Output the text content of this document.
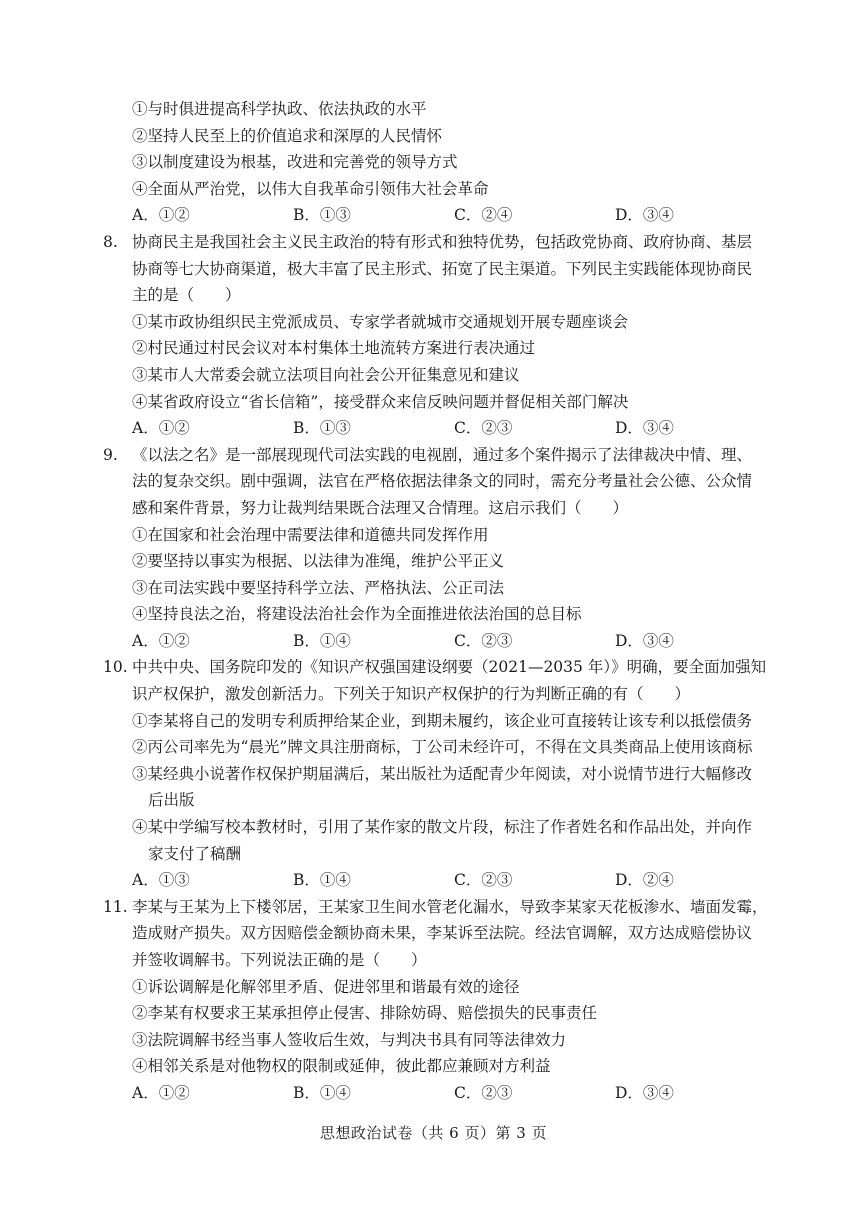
①与时俱进提高科学执政、依法执政的水平
②坚持人民至上的价值追求和深厚的人民情怀
③以制度建设为根基，改进和完善党的领导方式
④全面从严治党，以伟大自我革命引领伟大社会革命
A．①②	B．①③	C．②④	D．③④
8. 协商民主是我国社会主义民主政治的特有形式和独特优势，包括政党协商、政府协商、基层
协商等七大协商渠道，极大丰富了民主形式、拓宽了民主渠道。下列民主实践能体现协商民
主的是（　　）
①某市政协组织民主党派成员、专家学者就城市交通规划开展专题座谈会
②村民通过村民会议对本村集体土地流转方案进行表决通过
③某市人大常委会就立法项目向社会公开征集意见和建议
④某省政府设立“省长信箱”，接受群众来信反映问题并督促相关部门解决
A．①②	B．①③	C．②③	D．③④
9. 《以法之名》是一部展现现代司法实践的电视剧，通过多个案件揭示了法律裁决中情、理、
法的复杂交织。剧中强调，法官在严格依据法律条文的同时，需充分考量社会公德、公众情
感和案件背景，努力让裁判结果既合法理又合情理。这启示我们（　　）
①在国家和社会治理中需要法律和道德共同发挥作用
②要坚持以事实为根据、以法律为准绳，维护公平正义
③在司法实践中要坚持科学立法、严格执法、公正司法
④坚持良法之治，将建设法治社会作为全面推进依法治国的总目标
A．①②	B．①④	C．②③	D．③④
10. 中共中央、国务院印发的《知识产权强国建设纲要（2021—2035 年）》明确，要全面加强知
识产权保护，激发创新活力。下列关于知识产权保护的行为判断正确的有（　　）
①李某将自己的发明专利质押给某企业，到期未履约，该企业可直接转让该专利以抵偿债务
②丙公司率先为“晨光”牌文具注册商标，丁公司未经许可，不得在文具类商品上使用该商标
③某经典小说著作权保护期届满后，某出版社为适配青少年阅读，对小说情节进行大幅修改
后出版
④某中学编写校本教材时，引用了某作家的散文片段，标注了作者姓名和作品出处，并向作
家支付了稿酬
A．①③	B．①④	C．②③	D．②④
11. 李某与王某为上下楼邻居，王某家卫生间水管老化漏水，导致李某家天花板渗水、墙面发霉，
造成财产损失。双方因赔偿金额协商未果，李某诉至法院。经法官调解，双方达成赔偿协议
并签收调解书。下列说法正确的是（　　）
①诉讼调解是化解邻里矛盾、促进邻里和谐最有效的途径
②李某有权要求王某承担停止侵害、排除妨碍、赔偿损失的民事责任
③法院调解书经当事人签收后生效，与判决书具有同等法律效力
④相邻关系是对他物权的限制或延伸，彼此都应兼顾对方利益
A．①②	B．①④	C．②③	D．③④
思想政治试卷（共 6 页）第 3 页
